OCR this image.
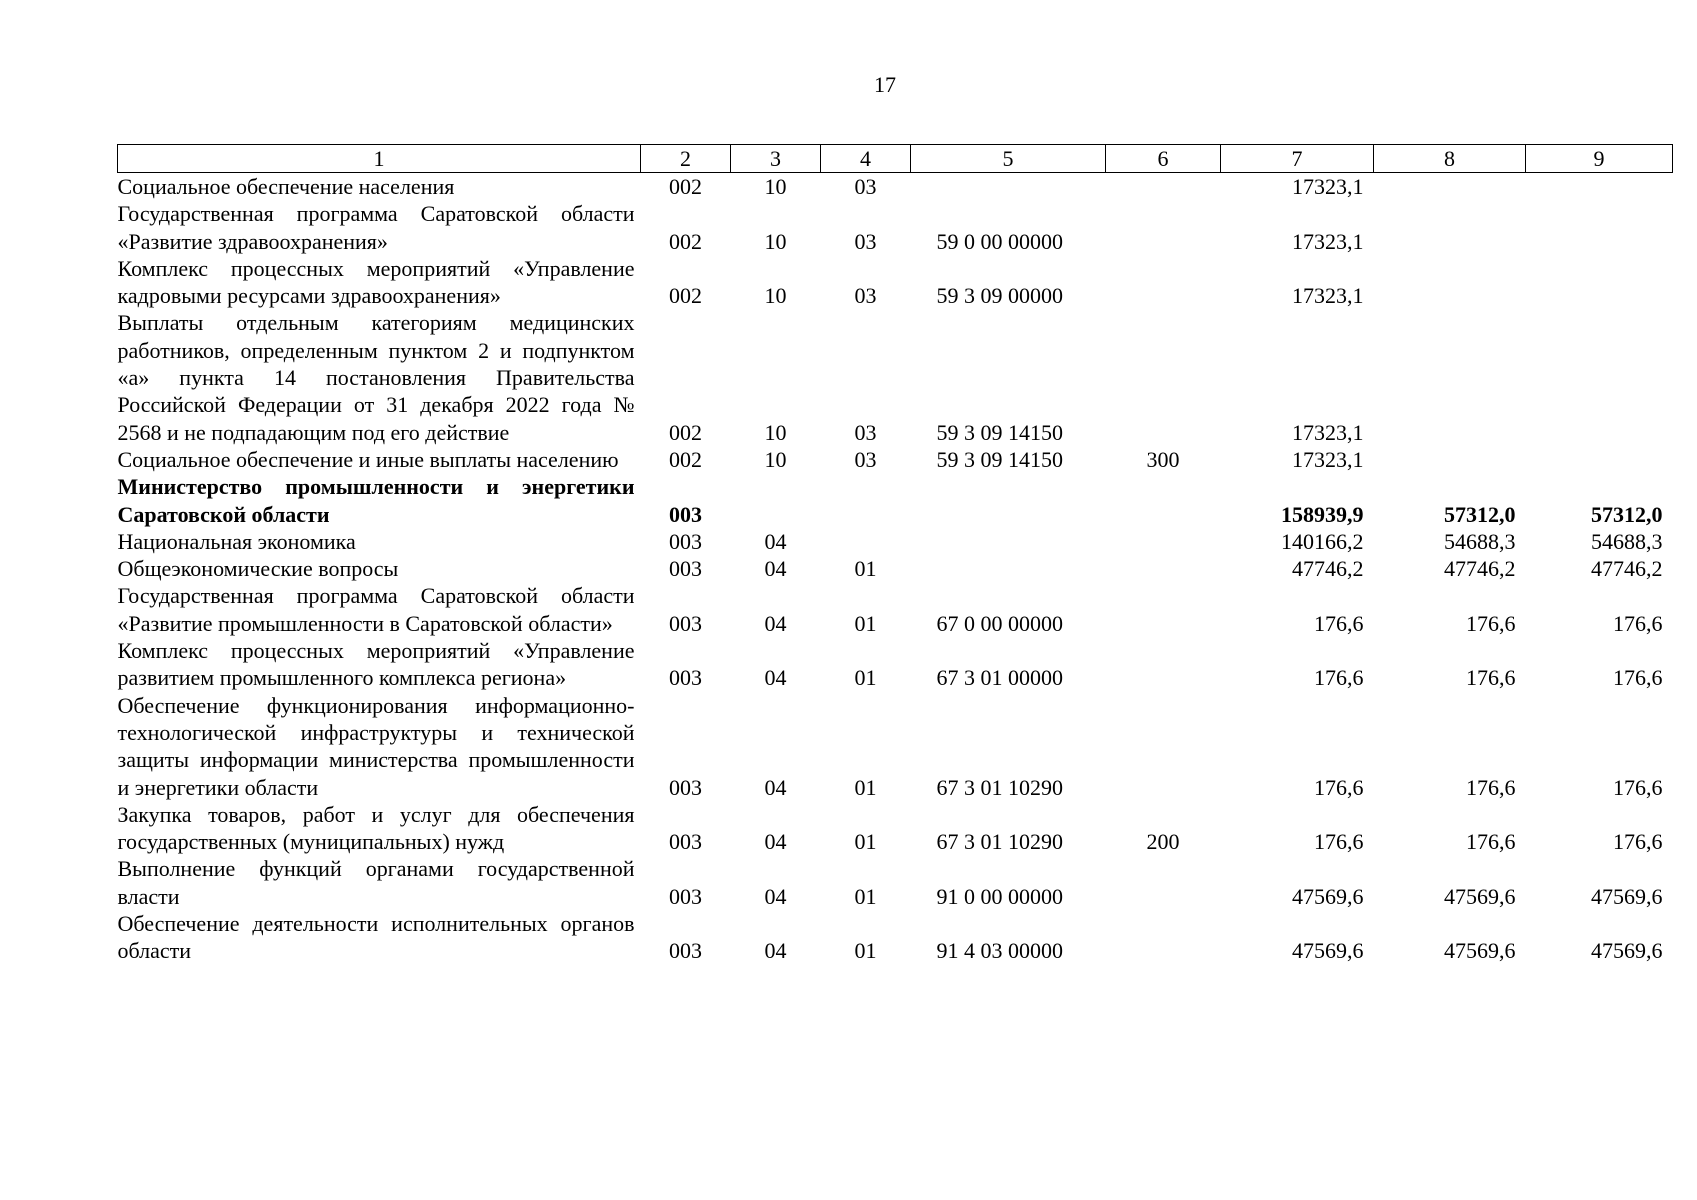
17
1	2	3	4	5	6	7	8	9
Социальное обеспечение населения	002	10	03			17323,1		
Государственная программа Саратовской области «Развитие здравоохранения»	002	10	03	59 0 00 00000		17323,1		
Комплекс процессных мероприятий «Управление кадровыми ресурсами здравоохранения»	002	10	03	59 3 09 00000		17323,1		
Выплаты отдельным категориям медицинских работников, определенным пунктом 2 и подпунктом «а» пункта 14 постановления Правительства Российской Федерации от 31 декабря 2022 года № 2568 и не подпадающим под его действие	002	10	03	59 3 09 14150		17323,1		
Социальное обеспечение и иные выплаты населению	002	10	03	59 3 09 14150	300	17323,1		
Министерство промышленности и энергетики Саратовской области	003					158939,9	57312,0	57312,0
Национальная экономика	003	04				140166,2	54688,3	54688,3
Общеэкономические вопросы	003	04	01			47746,2	47746,2	47746,2
Государственная программа Саратовской области «Развитие промышленности в Саратовской области»	003	04	01	67 0 00 00000		176,6	176,6	176,6
Комплекс процессных мероприятий «Управление развитием промышленного комплекса региона»	003	04	01	67 3 01 00000		176,6	176,6	176,6
Обеспечение функционирования информационно-технологической инфраструктуры и технической защиты информации министерства промышленности и энергетики области	003	04	01	67 3 01 10290		176,6	176,6	176,6
Закупка товаров, работ и услуг для обеспечения государственных (муниципальных) нужд	003	04	01	67 3 01 10290	200	176,6	176,6	176,6
Выполнение функций органами государственной власти	003	04	01	91 0 00 00000		47569,6	47569,6	47569,6
Обеспечение деятельности исполнительных органов области	003	04	01	91 4 03 00000		47569,6	47569,6	47569,6
